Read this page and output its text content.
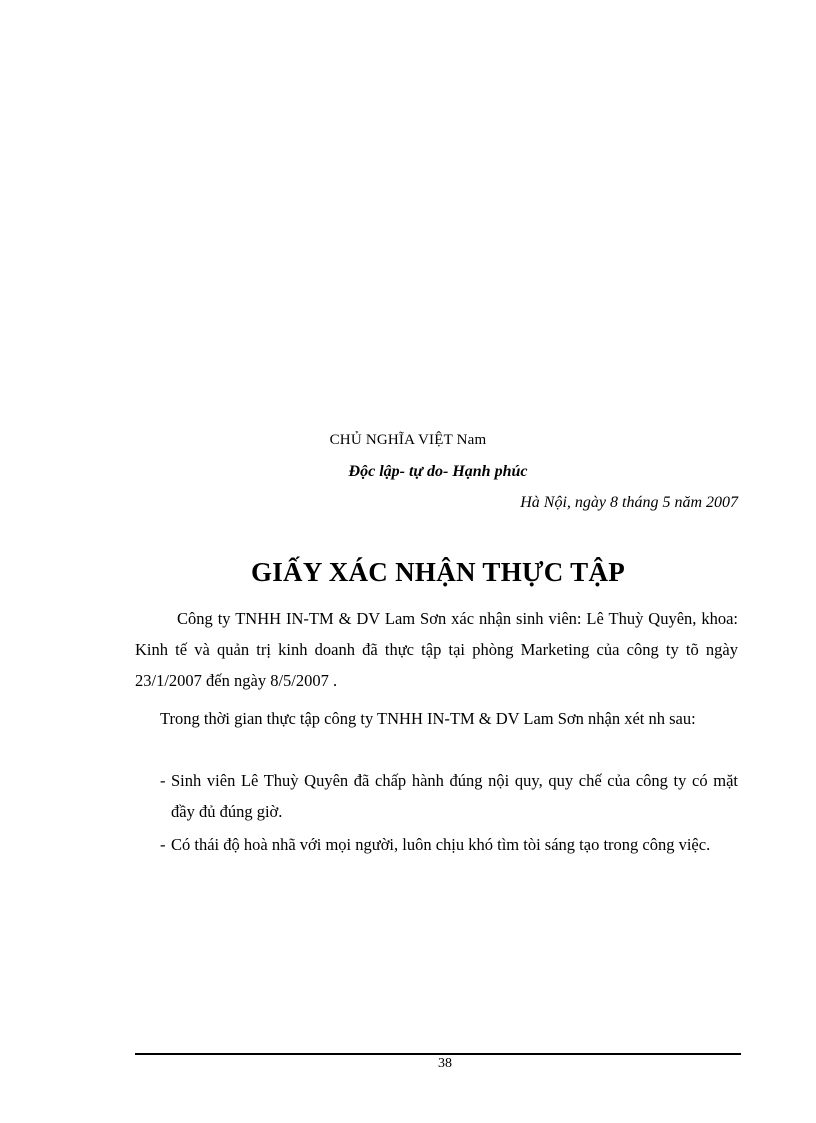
CHỦ NGHĨA VIỆT Nam
Độc lập- tự do- Hạnh phúc
Hà Nội, ngày 8 tháng 5 năm 2007
GIẤY XÁC NHẬN THỰC TẬP

Công ty TNHH IN-TM & DV Lam Sơn xác nhận sinh viên: Lê Thuỳ Quyên, khoa: Kinh tế và quản trị kinh doanh đã thực tập tại phòng Marketing của công ty tõ ngày 23/1/2007 đến ngày 8/5/2007 .

Trong thời gian thực tập công ty TNHH IN-TM & DV Lam Sơn nhận xét nh sau:

- Sinh viên Lê Thuỳ Quyên đã chấp hành đúng nội quy, quy chế của công ty có mặt đầy đủ đúng giờ.
- Có thái độ hoà nhã với mọi người, luôn chịu khó tìm tòi sáng tạo trong công việc.
38
